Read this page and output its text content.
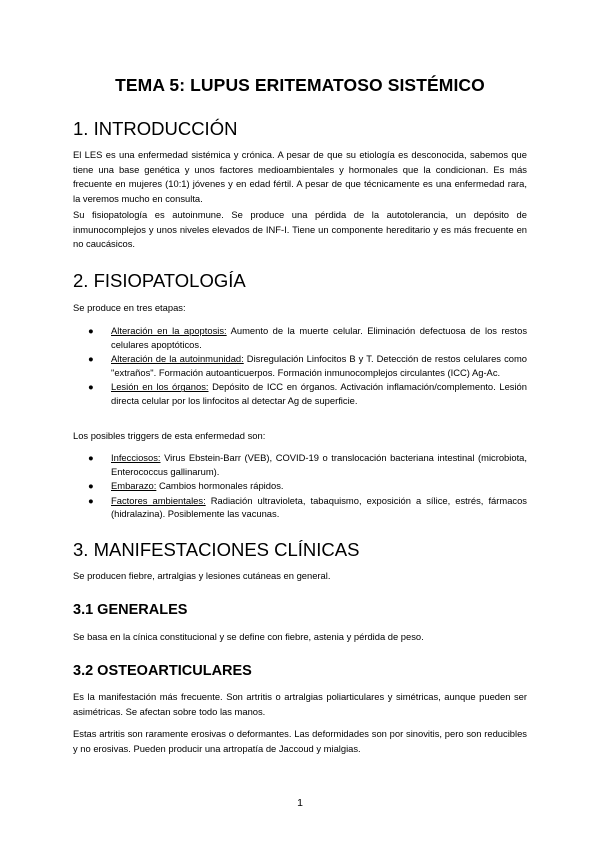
TEMA 5: LUPUS ERITEMATOSO SISTÉMICO
1. INTRODUCCIÓN

El LES es una enfermedad sistémica y crónica. A pesar de que su etiología es desconocida, sabemos que tiene una base genética y unos factores medioambientales y hormonales que la condicionan. Es más frecuente en mujeres (10:1) jóvenes y en edad fértil. A pesar de que técnicamente es una enfermedad rara, la veremos mucho en consulta.

Su fisiopatología es autoinmune. Se produce una pérdida de la autotolerancia, un depósito de inmunocomplejos y unos niveles elevados de INF-I. Tiene un componente hereditario y es más frecuente en no caucásicos.

2. FISIOPATOLOGÍA

Se produce en tres etapas:

● Alteración en la apoptosis: Aumento de la muerte celular. Eliminación defectuosa de los restos celulares apoptóticos.
● Alteración de la autoinmunidad: Disregulación Linfocitos B y T. Detección de restos celulares como "extraños". Formación autoanticuerpos. Formación inmunocomplejos circulantes (ICC) Ag-Ac.
● Lesión en los órganos: Depósito de ICC en órganos. Activación inflamación/complemento. Lesión directa celular por los linfocitos al detectar Ag de superficie.

Los posibles triggers de esta enfermedad son:

● Infecciosos: Virus Ebstein-Barr (VEB), COVID-19 o translocación bacteriana intestinal (microbiota, Enterococcus gallinarum).
● Embarazo: Cambios hormonales rápidos.
● Factores ambientales: Radiación ultravioleta, tabaquismo, exposición a sílice, estrés, fármacos (hidralazina). Posiblemente las vacunas.
3. MANIFESTACIONES CLÍNICAS

Se producen fiebre, artralgias y lesiones cutáneas en general.

3.1 GENERALES

Se basa en la cínica constitucional y se define con fiebre, astenia y pérdida de peso.

3.2 OSTEOARTICULARES

Es la manifestación más frecuente. Son artritis o artralgias poliarticulares y simétricas, aunque pueden ser asimétricas. Se afectan sobre todo las manos.

Estas artritis son raramente erosivas o deformantes. Las deformidades son por sinovitis, pero son reducibles y no erosivas. Pueden producir una artropatía de Jaccoud y mialgias.

1
